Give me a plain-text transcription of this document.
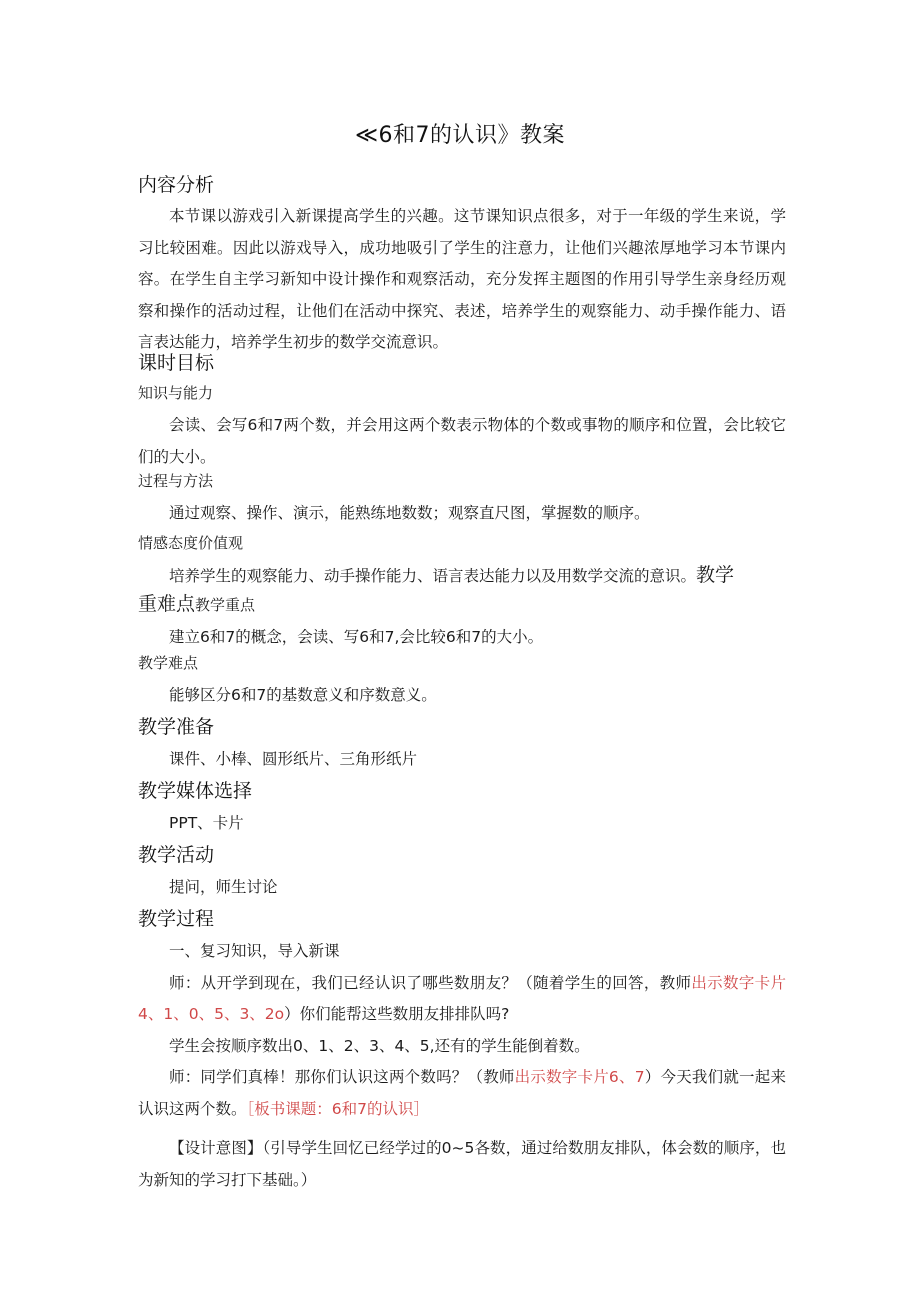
≪6和7的认识》教案
内容分析

本节课以游戏引入新课提高学生的兴趣。这节课知识点很多，对于一年级的学生来说，学习比较困难。因此以游戏导入，成功地吸引了学生的注意力，让他们兴趣浓厚地学习本节课内容。在学生自主学习新知中设计操作和观察活动，充分发挥主题图的作用引导学生亲身经历观察和操作的活动过程，让他们在活动中探究、表述，培养学生的观察能力、动手操作能力、语言表达能力，培养学生初步的数学交流意识。

课时目标
知识与能力

会读、会写6和7两个数，并会用这两个数表示物体的个数或事物的顺序和位置，会比较它们的大小。

过程与方法

通过观察、操作、演示，能熟练地数数；观察直尺图，掌握数的顺序。

情感态度价值观

培养学生的观察能力、动手操作能力、语言表达能力以及用数学交流的意识。教学

重难点教学重点

建立6和7的概念，会读、写6和7,会比较6和7的大小。

教学难点

能够区分6和7的基数意义和序数意义。

教学准备

课件、小棒、圆形纸片、三角形纸片

教学媒体选择

PPT、卡片

教学活动

提问，师生讨论

教学过程

一、复习知识，导入新课

师：从开学到现在，我们已经认识了哪些数朋友？（随着学生的回答，教师出示数字卡片4、1、0、5、3、2o）你们能帮这些数朋友排排队吗?

学生会按顺序数出0、1、2、3、4、5,还有的学生能倒着数。

师：同学们真棒！那你们认识这两个数吗？（教师出示数字卡片6、7）今天我们就一起来认识这两个数。［板书课题：6和7的认识］

【设计意图】（引导学生回忆已经学过的0~5各数，通过给数朋友排队，体会数的顺序，也为新知的学习打下基础。）
